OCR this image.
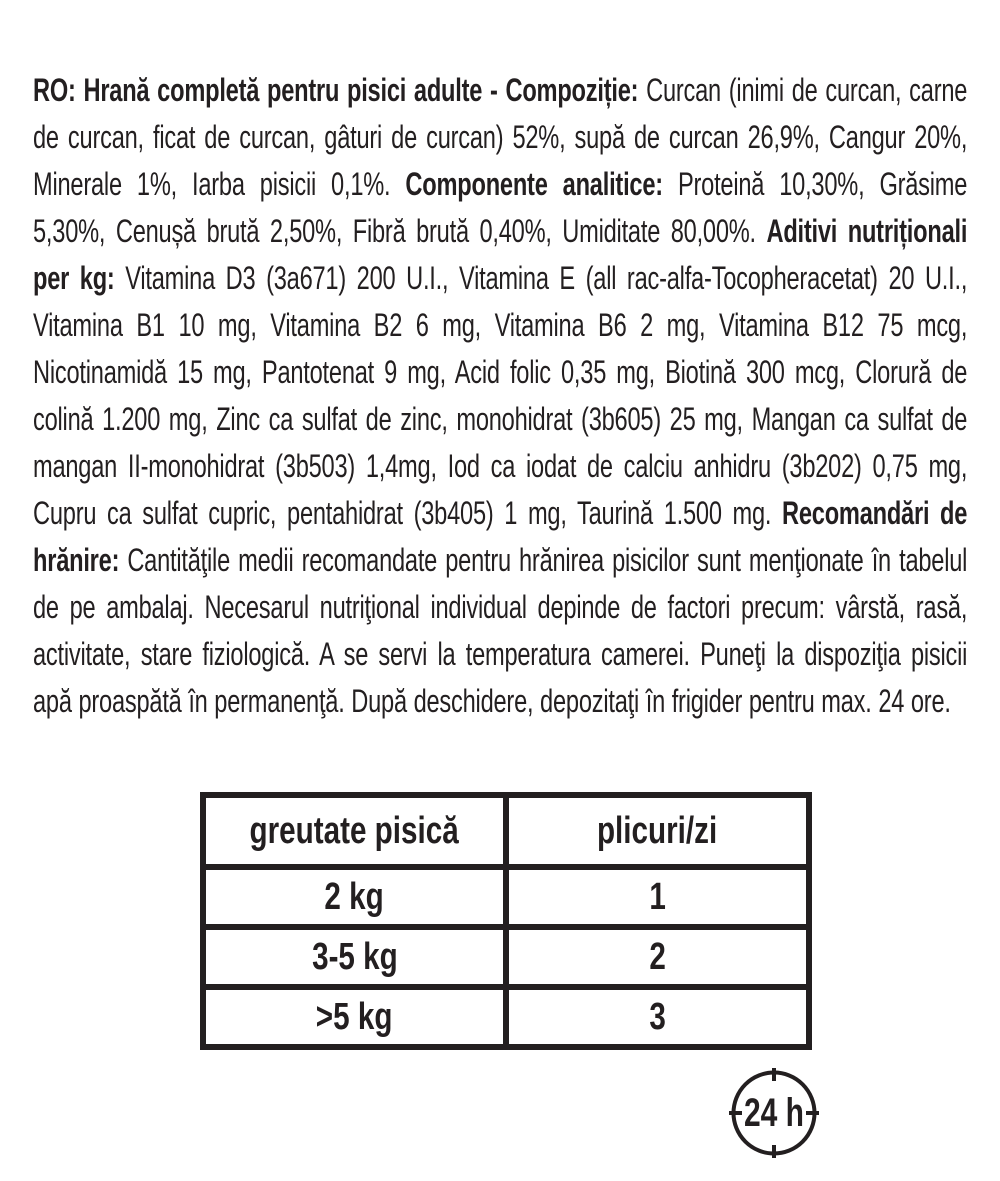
RO: Hrană completă pentru pisici adulte - Compoziție: Curcan (inimi de curcan, carne de curcan, ficat de curcan, gâturi de curcan) 52%, supă de curcan 26,9%, Cangur 20%, Minerale 1%, Iarba pisicii 0,1%. Componente analitice: Proteină 10,30%, Grăsime 5,30%, Cenușă brută 2,50%, Fibră brută 0,40%, Umiditate 80,00%. Aditivi nutriționali per kg: Vitamina D3 (3a671) 200 U.I., Vitamina E (all rac-alfa-Tocopheracetat) 20 U.I., Vitamina B1 10 mg, Vitamina B2 6 mg, Vitamina B6 2 mg, Vitamina B12 75 mcg, Nicotinamidă 15 mg, Pantotenat 9 mg, Acid folic 0,35 mg, Biotină 300 mcg, Clorură de colină 1.200 mg, Zinc ca sulfat de zinc, monohidrat (3b605) 25 mg, Mangan ca sulfat de mangan II-monohidrat (3b503) 1,4mg, Iod ca iodat de calciu anhidru (3b202) 0,75 mg, Cupru ca sulfat cupric, pentahidrat (3b405) 1 mg, Taurină 1.500 mg. Recomandări de hrănire: Cantităţile medii recomandate pentru hrănirea pisicilor sunt menţionate în tabelul de pe ambalaj. Necesarul nutriţional individual depinde de factori precum: vârstă, rasă, activitate, stare fiziologică. A se servi la temperatura camerei. Puneţi la dispoziţia pisicii apă proaspătă în permanenţă. După deschidere, depozitaţi în frigider pentru max. 24 ore.

greutate pisică	plicuri/zi
2 kg	1
3-5 kg	2
>5 kg	3
24 h
